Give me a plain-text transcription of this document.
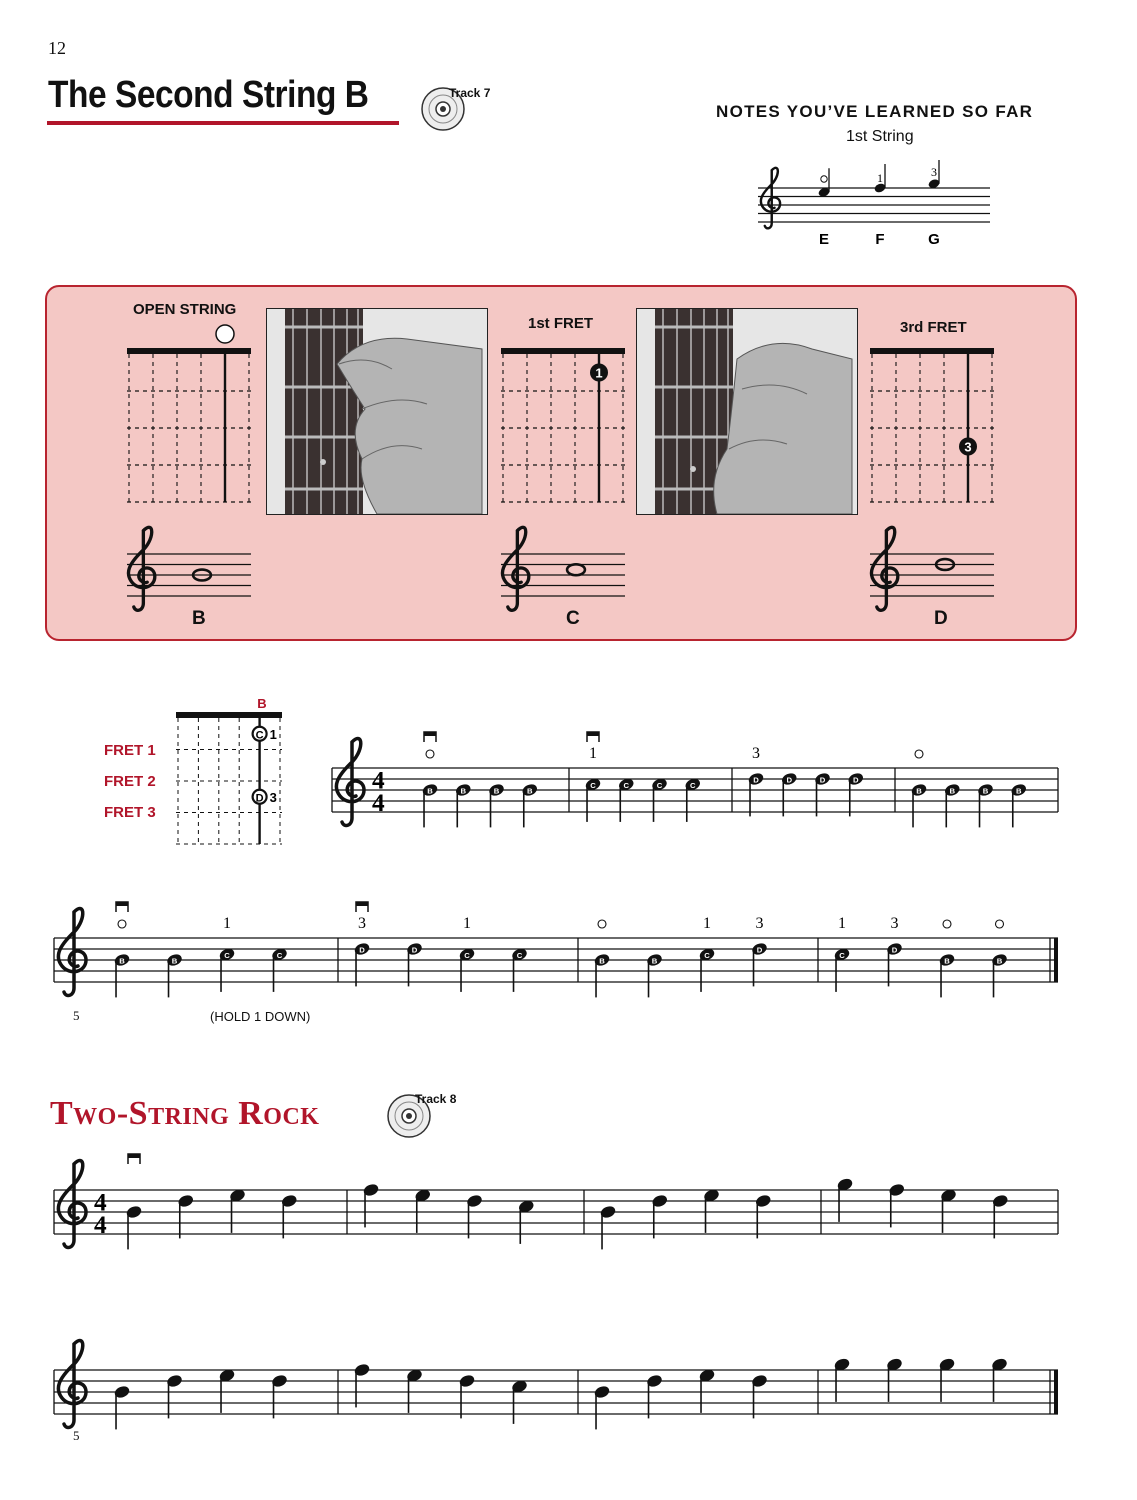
12
The Second String B	Track 7
NOTES YOU’VE LEARNED SO FAR
1st String
E
1
F
3
G
1
3
OPEN STRING
1st FRET	3rd FRET
B	C	D
B
C 1
D 3
FRET 1
FRET 2
FRET 3
4
4	B	B	B	B
C
1
C	C	C
D
3
D	D	D
B	B	B	B
B	B
C
1
C
D
3
D
C
1
C
B	B
C
1
D
3
C
1
D
3
B	B
5	(HOLD 1 DOWN)
Two-String Rock	Track 8
4
4
5
